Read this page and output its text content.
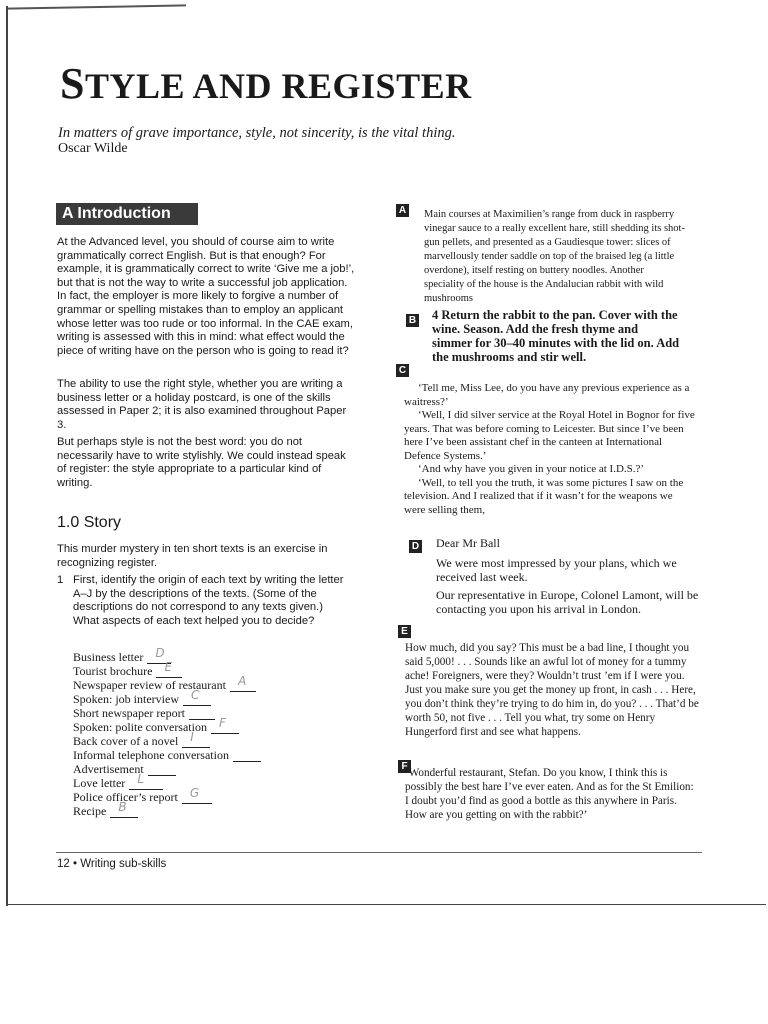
STYLE AND REGISTER
In matters of grave importance, style, not sincerity, is the vital thing.
Oscar Wilde
A Introduction
At the Advanced level, you should of course aim to write grammatically correct English. But is that enough? For example, it is grammatically correct to write ‘Give me a job!’, but that is not the way to write a successful job application. In fact, the employer is more likely to forgive a number of grammar or spelling mistakes than to employ an applicant whose letter was too rude or too informal. In the CAE exam, writing is assessed with this in mind: what effect would the piece of writing have on the person who is going to read it?
The ability to use the right style, whether you are writing a business letter or a holiday postcard, is one of the skills assessed in Paper 2; it is also examined throughout Paper 3.
But perhaps style is not the best word: you do not necessarily have to write stylishly. We could instead speak of register: the style appropriate to a particular kind of writing.
1.0 Story
This murder mystery in ten short texts is an exercise in recognizing register.
1 First, identify the origin of each text by writing the letter A–J by the descriptions of the texts. (Some of the descriptions do not correspond to any texts given.) What aspects of each text helped you to decide?
Business letter D
Tourist brochure E
Newspaper review of restaurant A
Spoken: job interview C
Short newspaper report
Spoken: polite conversation F
Back cover of a novel I
Informal telephone conversation
Advertisement
Love letter L
Police officer’s report G
Recipe B
12 • Writing sub-skills
A Main courses at Maximilien’s range from duck in raspberry vinegar sauce to a really excellent hare, still shedding its shot-gun pellets, and presented as a Gaudiesque tower: slices of marvellously tender saddle on top of the braised leg (a little overdone), itself resting on buttery noodles. Another speciality of the house is the Andalucian rabbit with wild mushrooms
B 4 Return the rabbit to the pan. Cover with the wine. Season. Add the fresh thyme and simmer for 30–40 minutes with the lid on. Add the mushrooms and stir well.
C

‘Tell me, Miss Lee, do you have any previous experience as a waitress?’

‘Well, I did silver service at the Royal Hotel in Bognor for five years. That was before coming to Leicester. But since I’ve been here I’ve been assistant chef in the canteen at International Defence Systems.’

‘And why have you given in your notice at I.D.S.?’

‘Well, to tell you the truth, it was some pictures I saw on the television. And I realized that if it wasn’t for the weapons we were selling them,

D Dear Mr Ball

We were most impressed by your plans, which we received last week.

Our representative in Europe, Colonel Lamont, will be contacting you upon his arrival in London.

E
How much, did you say? This must be a bad line, I thought you said 5,000! . . . Sounds like an awful lot of money for a tummy ache! Foreigners, were they? Wouldn’t trust ’em if I were you. Just you make sure you get the money up front, in cash . . . Here, you don’t think they’re trying to do him in, do you? . . . That’d be worth 50, not five . . . Tell you what, try some on Henry Hungerford first and see what happens.
F
‘Wonderful restaurant, Stefan. Do you know, I think this is possibly the best hare I’ve ever eaten. And as for the St Emilion: I doubt you’d find as good a bottle as this anywhere in Paris. How are you getting on with the rabbit?’
